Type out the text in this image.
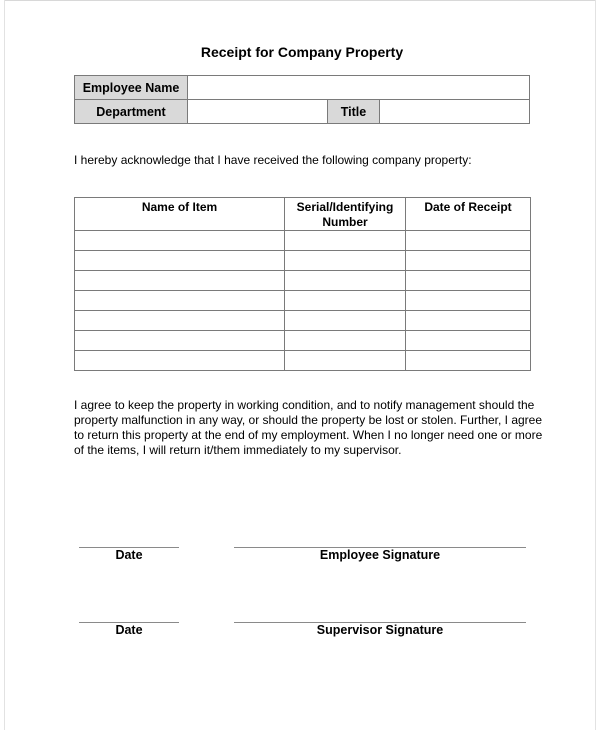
Receipt for Company Property
Employee Name			
Department		Title	
I hereby acknowledge that I have received the following company property:
Name of Item	Serial/Identifying Number	Date of Receipt

I agree to keep the property in working condition, and to notify management should the property malfunction in any way, or should the property be lost or stolen. Further, I agree to return this property at the end of my employment. When I no longer need one or more of the items, I will return it/them immediately to my supervisor.
Date	Employee Signature
Date	Supervisor Signature
